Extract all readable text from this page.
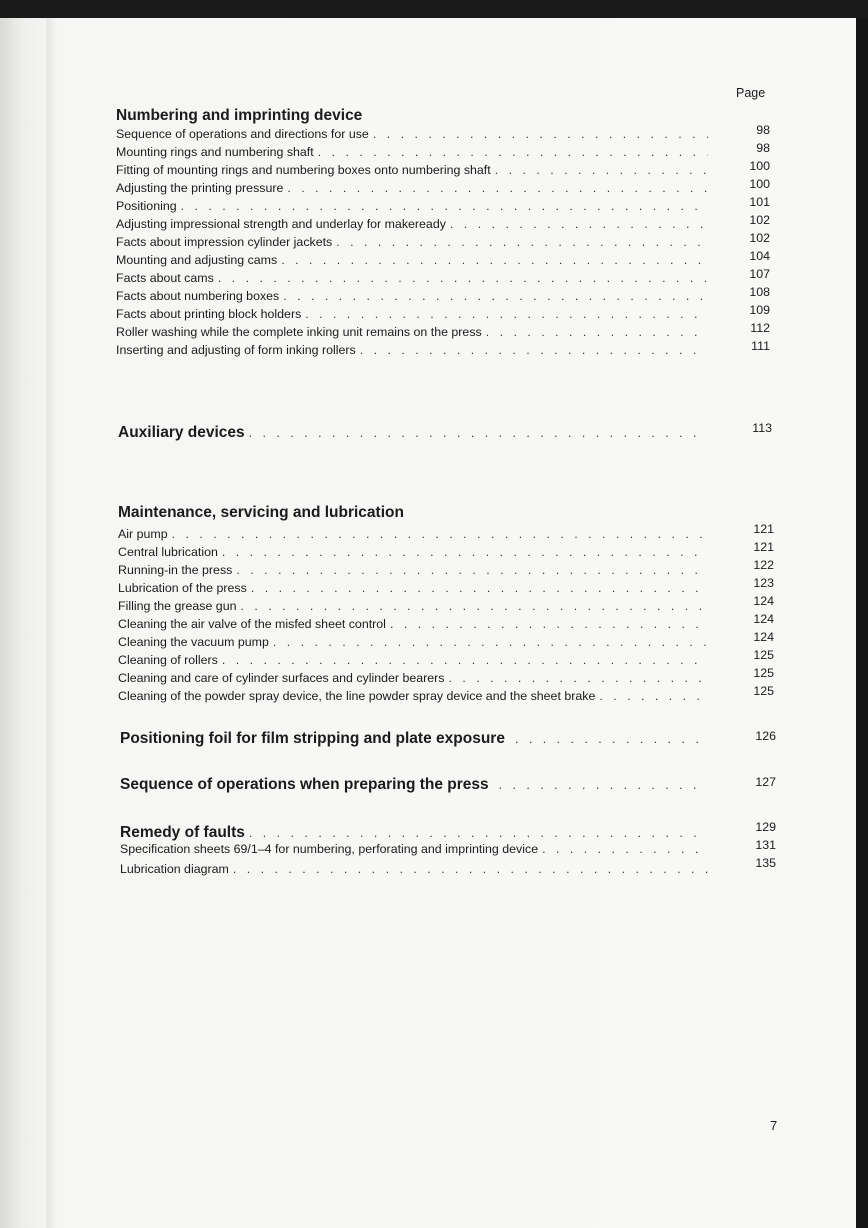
Page
Numbering and imprinting device
Sequence of operations and directions for use . . .	98
Mounting rings and numbering shaft . . .	98
Fitting of mounting rings and numbering boxes onto numbering shaft . . .	100
Adjusting the printing pressure . . .	100
Positioning . . .	101
Adjusting impressional strength and underlay for makeready . . .	102
Facts about impression cylinder jackets . . .	102
Mounting and adjusting cams . . .	104
Facts about cams . . .	107
Facts about numbering boxes . . .	108
Facts about printing block holders . . .	109
Roller washing while the complete inking unit remains on the press . . .	112
Inserting and adjusting of form inking rollers . . .	111
Auxiliary devices . . .	113
Maintenance, servicing and lubrication
Air pump . . .	121
Central lubrication . . .	121
Running-in the press . . .	122
Lubrication of the press . . .	123
Filling the grease gun . . .	124
Cleaning the air valve of the misfed sheet control . . .	124
Cleaning the vacuum pump . . .	124
Cleaning of rollers . . .	125
Cleaning and care of cylinder surfaces and cylinder bearers . . .	125
Cleaning of the powder spray device, the line powder spray device and the sheet brake . . .	125
Positioning foil for film stripping and plate exposure . . .	126
Sequence of operations when preparing the press . . .	127
Remedy of faults . . .	129
Specification sheets 69/1–4 for numbering, perforating and imprinting device . . .	131
Lubrication diagram . . .	135
7
